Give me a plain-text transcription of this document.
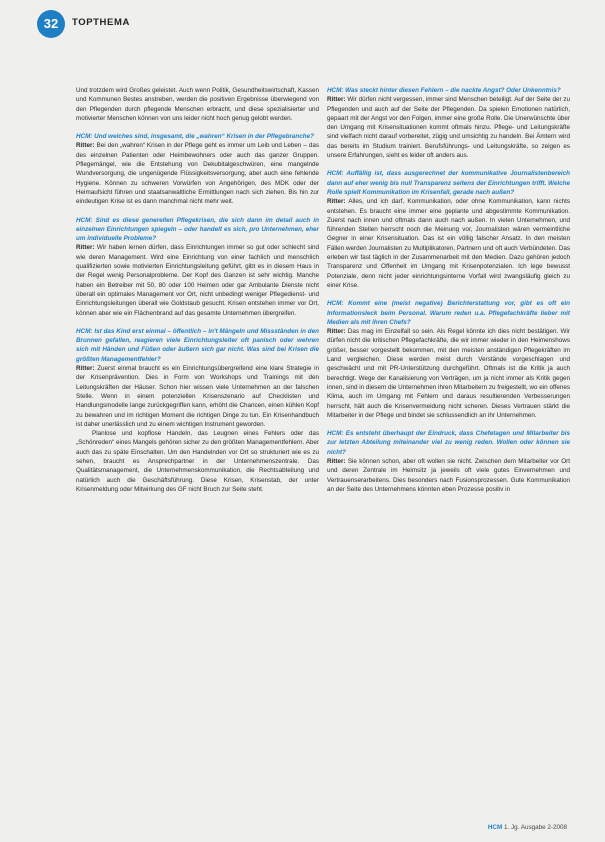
32	TOPTHEMA

Und trotzdem wird Großes geleistet. Auch wenn Politik, Gesundheitswirtschaft, Kassen und Kommunen Bestes anstreben, werden die positiven Ergebnisse überwiegend von den Pflegenden durch pflegende Menschen erbracht, und diese spezialisierter und motivierter Menschen können von uns leider nicht hoch genug gelobt werden.

HCM: Und welches sind, insgesamt, die „wahren“ Krisen in der Pflegebranche?

Ritter: Bei den „wahren“ Krisen in der Pflege geht es immer um Leib und Leben – das des einzelnen Patienten oder Heimbewohners oder auch das ganzer Gruppen. Pflegemängel, wie die Entstehung von Dekubitalgeschwüren, eine mangelnde Wundversorgung, die ungenügende Flüssigkeitsversorgung, aber auch eine fehlende Hygiene. Können zu schweren Vorwürfen von Angehörigen, des MDK oder der Heimaufsicht führen und staatsanwaltliche Ermittlungen nach sich ziehen. Bis hin zur eindeutigen Krise ist es dann manchmal nicht mehr weit.

HCM: Sind es diese generellen Pflegekrisen, die sich dann im detail auch in einzelnen Einrichtungen spiegeln – oder handelt es sich, pro Unternehmen, eher um individuelle Probleme?

Ritter: Wir haben lernen dürfen, dass Einrichtungen immer so gut oder schlecht sind wie deren Management. Wird eine Einrichtung von einer fachlich und menschlich qualifizierten sowie motivierten Einrichtungsleitung geführt, gibt es in diesem Haus in der Regel wenig Personalprobleme. Der Kopf des Ganzen ist sehr wichtig. Manche haben ein Betreiber mit 50, 80 oder 100 Heimen oder gar Ambulante Dienste nicht überall ein optimales Management vor Ort, nicht unbedingt weniger Pflegedienst- und Einrichtungsleitungen überall wie Goldstaub gesucht. Krisen entstehen immer vor Ort, können aber wie ein Flächenbrand auf das gesamte Unternehmen übergreifen.

HCM: Ist das Kind erst einmal – öffentlich – in't Mängeln und Missständen in den Brunnen gefallen, reagieren viele Einrichtungsleiter oft panisch oder wehren sich mit Händen und Füßen oder äußern sich gar nicht. Was sind bei Krisen die größten Managementfehler?

Ritter: Zuerst einmal braucht es ein Einrichtungsübergreifend eine klare Strategie in der Krisenprävention. Dies in Form von Workshops und Trainings mit den Leitungskräften der Häuser. Schon hier wissen viele Unternehmen an der falschen Stelle. Wenn in einem potenziellen Krisenszenario auf Checklisten und Handlungsmodelle lange zurückgegriffen kann, erhöht die Chancen, einen kühlen Kopf zu bewahren und im richtigen Moment die richtigen Dinge zu tun. Ein Krisenhandbuch ist daher unerlässlich und zu einem wichtigen Instrument geworden.

Planlose und kopflose Handeln, das Leugnen eines Fehlers oder das „Schönreden“ eines Mangels gehören sicher zu den größten Managementfehlern. Aber auch das zu späte Einschalten. Um den Handelnden vor Ort so strukturiert wie es zu sehen, braucht es Ansprechpartner in der Unternehmenszentrale. Das Qualitätsmanagement, die Unternehmenskommunikation, die Rechtsabteilung und natürlich auch die Geschäftsführung. Diese Krisen, Krisenstab, der unter Krisenmeldung oder Mitwirkung des GF nicht Bruch zur Seite steht.

HCM: Was steckt hinter diesen Fehlern – die nackte Angst? Oder Unkenntnis?

Ritter: Wir dürfen nicht vergessen, immer sind Menschen beteiligt. Auf der Seite der zu Pflegenden und auch auf der Seite der Pflegenden. Da spielen Emotionen natürlich, gepaart mit der Angst vor den Folgen, immer eine große Rolle. Die Unerwünschte über den Umgang mit Krisensituationen kommt oftmals hinzu. Pflege- und Leitungskräfte sind vielfach nicht darauf vorbereitet, zügig und umsichtig zu handeln. Bei Ämtern wird das bereits im Studium trainiert. Berufsführungs- und Leitungskräfte, so zeigen es unsere Erfahrungen, sieht es leider oft anders aus.

HCM: Auffällig ist, dass ausgerechnet der kommunikative Journalistenbereich dann auf eher wenig bis null Transparenz seitens der Einrichtungen trifft. Welche Rolle spielt Kommunikation im Krisenfall, gerade nach außen?

Ritter: Alles, und ich darf, Kommunikation, oder ohne Kommunikation, kann nichts entstehen. Es braucht eine immer eine geplante und abgestimmte Kommunikation. Zuerst nach innen und oftmals dann auch nach außen. In vielen Unternehmen, und führenden Stellen herrscht noch die Meinung vor, Journalisten wären vermeintliche Gegner in einer Krisensituation. Das ist ein völlig falscher Ansatz. In den meisten Fällen werden Journalisten zu Multiplikatoren, Partnern und oft auch Verbündeten. Das erleben wir fast täglich in der Zusammenarbeit mit den Medien. Dazu gehören jedoch Transparenz und Offenheit im Umgang mit Krisenpotenzialen. Ich lege bewusst Potenziale, denn nicht jeder einrichtungsinterne Vorfall wird zwangsläufig gleich zu einer Krise.

HCM: Kommt eine (meist negative) Berichterstattung vor, gibt es oft ein Informationsleck beim Personal. Warum reden u.a. Pflegefachkräfte lieber mit Medien als mit ihren Chefs?

Ritter: Das mag im Einzelfall so sein. Als Regel könnte ich dies nicht bestätigen. Wir dürfen nicht die kritischen Pflegefachkräfte, die wir immer wieder in den Heimenshows größer, besser vorgestellt bekommen, mit den meisten anständigen Pflegekräften im Land vergleichen. Diese werden meist durch Verstände vorgeschlagen und geschwächt und mit PR-Unterstützung durchgeführt. Oftmals ist die Kritik ja auch berechtigt. Wege der Kanalisierung von Verträgen, um ja nicht immer als Kritik gegen innen, sind in diesem die Unternehmen ihren Mitarbeitern zu freigestellt, wo ein offenes Klima, auch im Umgang mit Fehlern und daraus resultierenden Verbesserungen herrscht, hält auch die Krisenvermeidung nicht scheren. Dieses Vertrauen stärkt die Mitarbeiter in der Pflege und bindet sie schlussendlich an ihr Unternehmen.

HCM: Es entsteht überhaupt der Eindruck, dass Chefetagen und Mitarbeiter bis zur letzten Abteilung miteinander viel zu wenig reden. Wollen oder können sie nicht?

Ritter: Sie können schon, aber oft wollen sie nicht. Zwischen dem Mitarbeiter vor Ort und deren Zentrale im Heimsitz ja jeweils oft viele gutes Einvernehmen und Vertrauenserarbeitens. Dies besonders nach Fusionsprozessen. Gute Kommunikation an der Seite des Unternehmens könnten eben Prozesse positiv in

HCM 1. Jg. Ausgabe 2-2008
